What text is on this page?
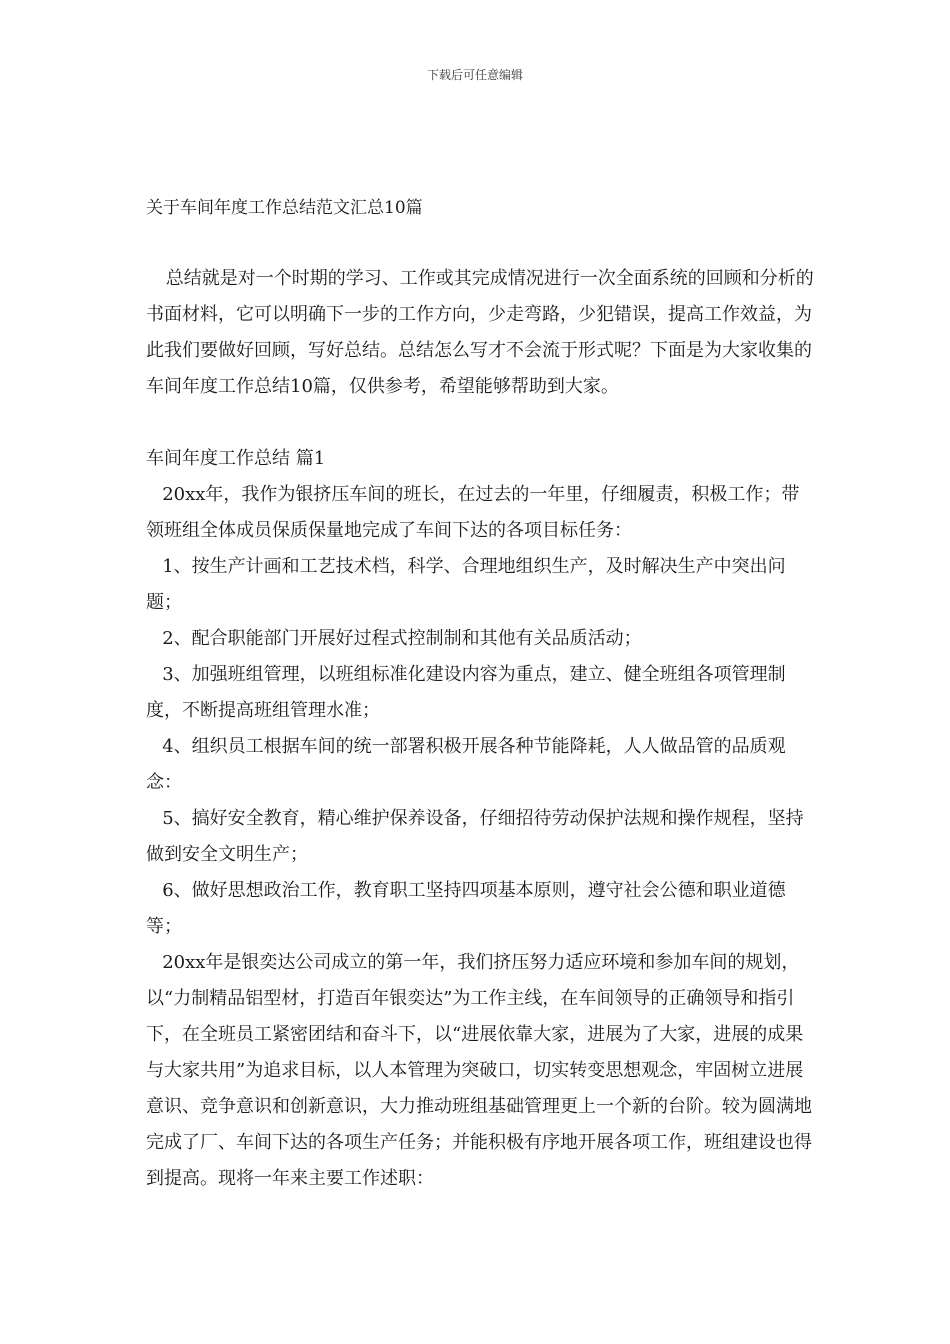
下载后可任意编辑
关于车间年度工作总结范文汇总10篇

总结就是对一个时期的学习、工作或其完成情况进行一次全面系统的回顾和分析的书面材料，它可以明确下一步的工作方向，少走弯路，少犯错误，提高工作效益，为此我们要做好回顾，写好总结。总结怎么写才不会流于形式呢？下面是为大家收集的车间年度工作总结10篇，仅供参考，希望能够帮助到大家。

车间年度工作总结 篇1

20xx年，我作为银挤压车间的班长，在过去的一年里，仔细履责，积极工作；带领班组全体成员保质保量地完成了车间下达的各项目标任务：

1、按生产计画和工艺技术档，科学、合理地组织生产，及时解决生产中突出问题；

2、配合职能部门开展好过程式控制制和其他有关品质活动；

3、加强班组管理，以班组标准化建设内容为重点，建立、健全班组各项管理制度，不断提高班组管理水准；

4、组织员工根据车间的统一部署积极开展各种节能降耗，人人做品管的品质观念：

5、搞好安全教育，精心维护保养设备，仔细招待劳动保护法规和操作规程，坚持做到安全文明生产；

6、做好思想政治工作，教育职工坚持四项基本原则，遵守社会公德和职业道德等；

20xx年是银奕达公司成立的第一年，我们挤压努力适应环境和参加车间的规划，以“力制精品铝型材，打造百年银奕达”为工作主线，在车间领导的正确领导和指引下，在全班员工紧密团结和奋斗下，以“进展依靠大家，进展为了大家，进展的成果与大家共用”为追求目标，以人本管理为突破口，切实转变思想观念，牢固树立进展意识、竞争意识和创新意识，大力推动班组基础管理更上一个新的台阶。较为圆满地完成了厂、车间下达的各项生产任务；并能积极有序地开展各项工作，班组建设也得到提高。现将一年来主要工作述职：
